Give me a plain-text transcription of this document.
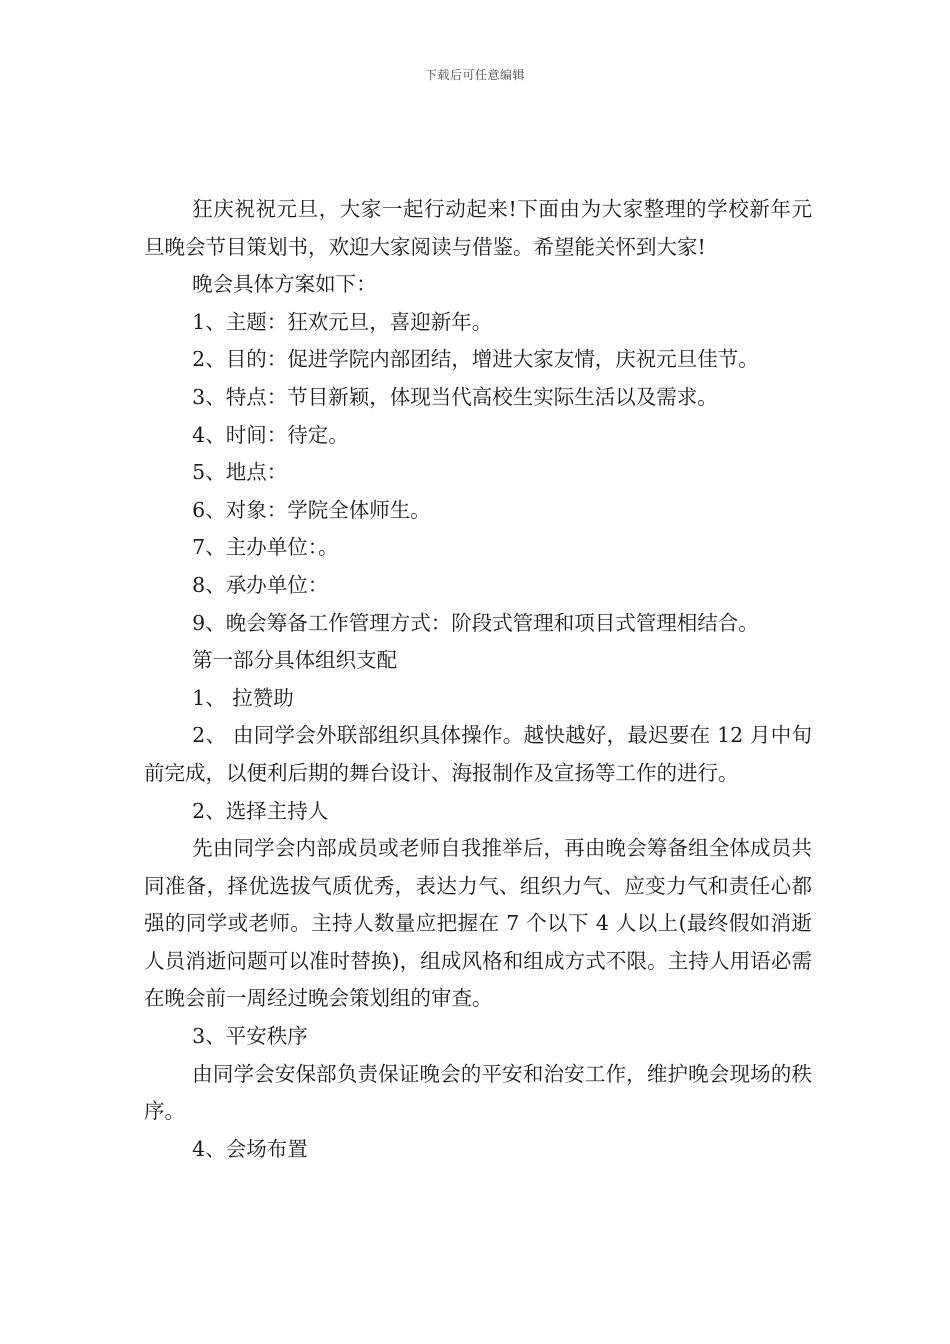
下载后可任意编辑

狂庆祝祝元旦，大家一起行动起来!下面由为大家整理的学校新年元旦晚会节目策划书，欢迎大家阅读与借鉴。希望能关怀到大家!

晚会具体方案如下：

1、主题：狂欢元旦，喜迎新年。

2、目的：促进学院内部团结，增进大家友情，庆祝元旦佳节。

3、特点：节目新颖，体现当代高校生实际生活以及需求。

4、时间：待定。

5、地点：

6、对象：学院全体师生。

7、主办单位：。

8、承办单位：

9、晚会筹备工作管理方式：阶段式管理和项目式管理相结合。

第一部分具体组织支配

1、 拉赞助

2、 由同学会外联部组织具体操作。越快越好，最迟要在 12 月中旬前完成，以便利后期的舞台设计、海报制作及宣扬等工作的进行。

2、选择主持人

先由同学会内部成员或老师自我推举后，再由晚会筹备组全体成员共同准备，择优选拔气质优秀，表达力气、组织力气、应变力气和责任心都强的同学或老师。主持人数量应把握在 7 个以下 4 人以上(最终假如消逝人员消逝问题可以准时替换)，组成风格和组成方式不限。主持人用语必需在晚会前一周经过晚会策划组的审查。

3、平安秩序

由同学会安保部负责保证晚会的平安和治安工作，维护晚会现场的秩序。

4、会场布置
